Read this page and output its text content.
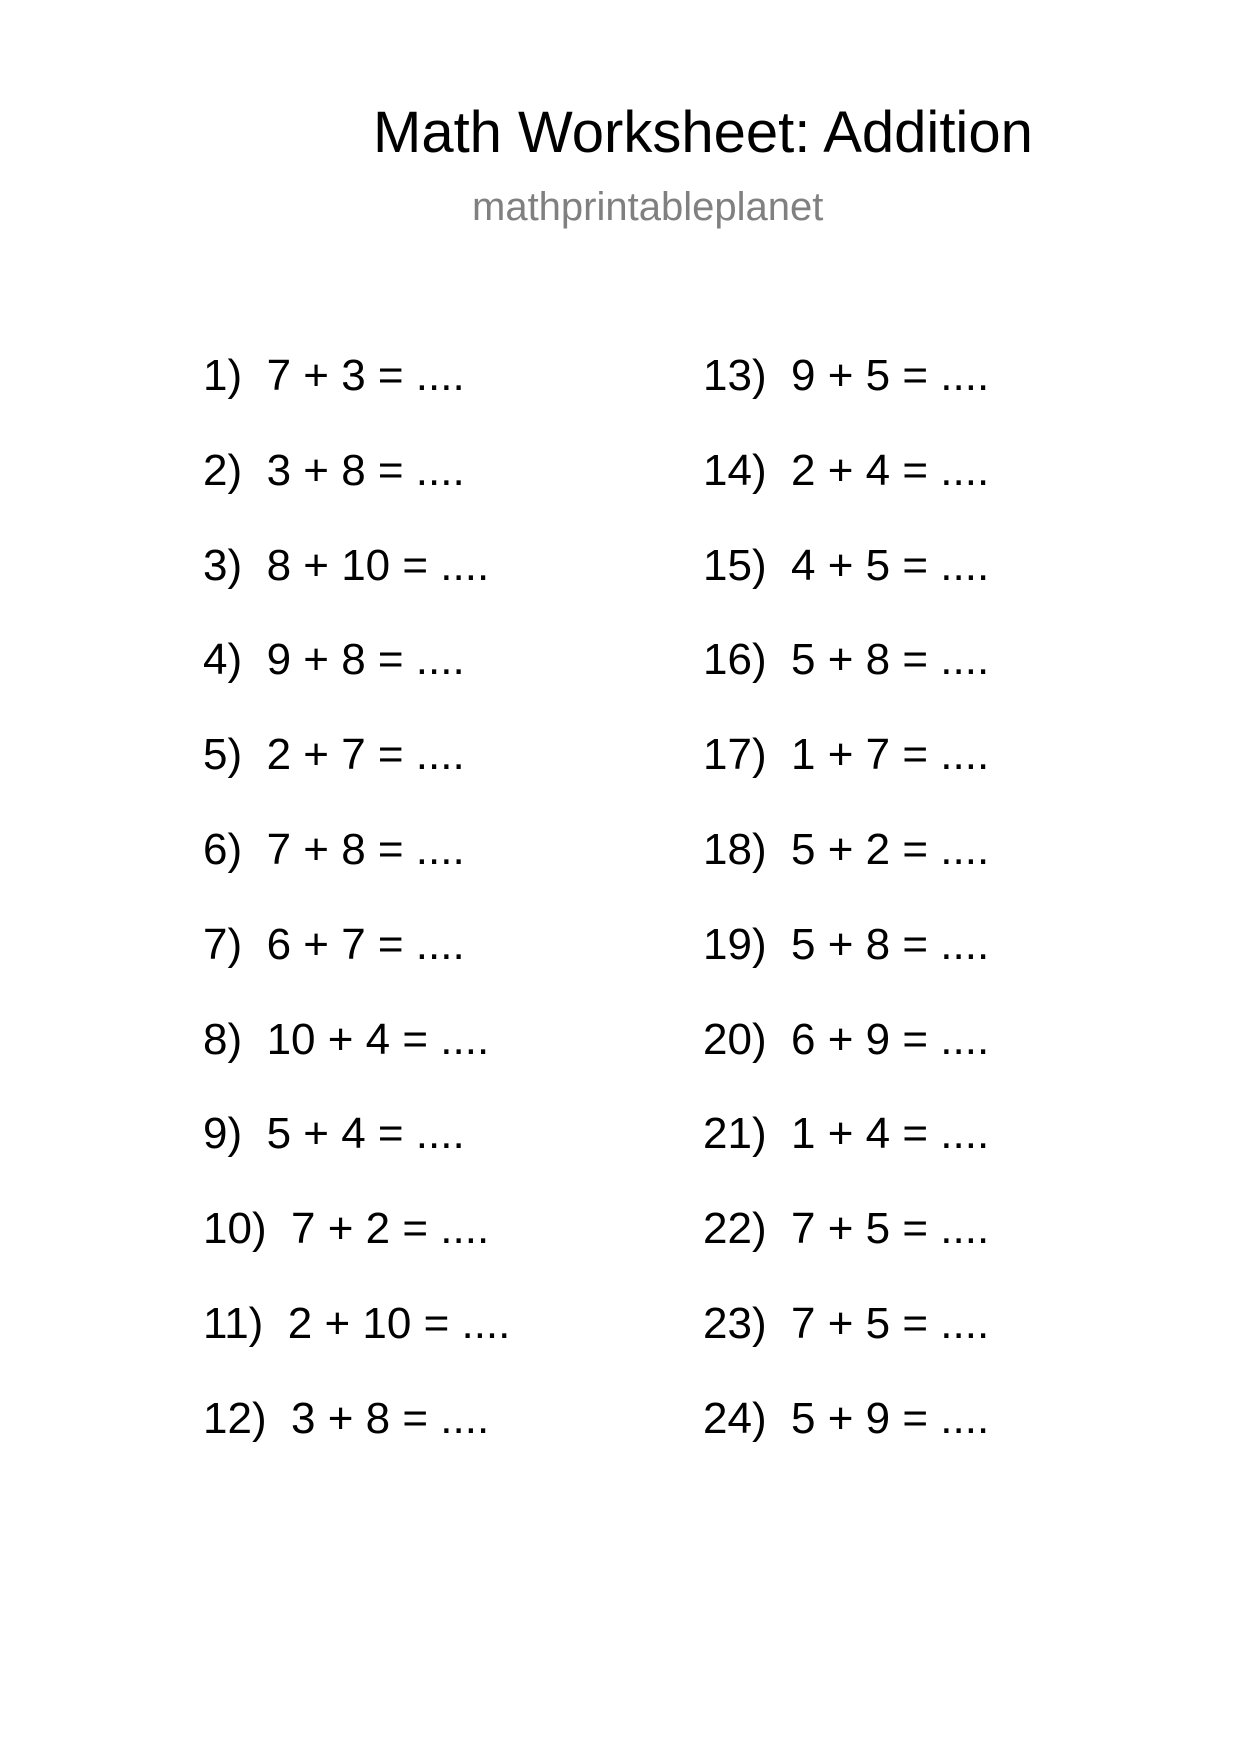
Math Worksheet: Addition
mathprintableplanet
1) 7 + 3 = ....
2) 3 + 8 = ....
3) 8 + 10 = ....
4) 9 + 8 = ....
5) 2 + 7 = ....
6) 7 + 8 = ....
7) 6 + 7 = ....
8) 10 + 4 = ....
9) 5 + 4 = ....
10) 7 + 2 = ....
11) 2 + 10 = ....
12) 3 + 8 = ....
13) 9 + 5 = ....
14) 2 + 4 = ....
15) 4 + 5 = ....
16) 5 + 8 = ....
17) 1 + 7 = ....
18) 5 + 2 = ....
19) 5 + 8 = ....
20) 6 + 9 = ....
21) 1 + 4 = ....
22) 7 + 5 = ....
23) 7 + 5 = ....
24) 5 + 9 = ....
